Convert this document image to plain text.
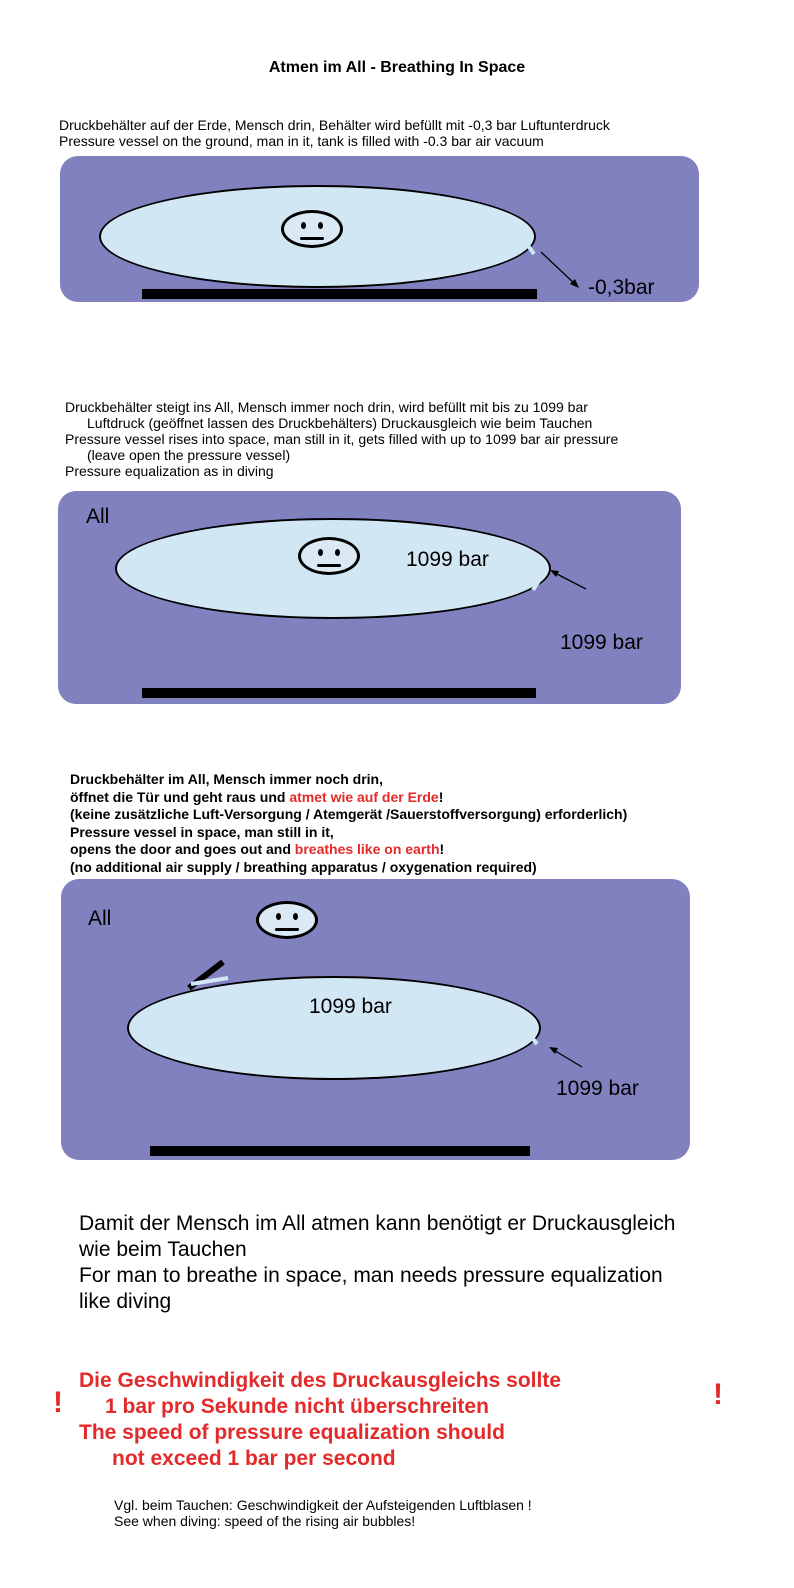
Atmen im All - Breathing In Space
Druckbehälter auf der Erde, Mensch drin, Behälter wird befüllt mit -0,3 bar Luftunterdruck
Pressure vessel on the ground, man in it, tank is filled with -0.3 bar air vacuum
-0,3bar
Druckbehälter steigt ins All, Mensch immer noch drin, wird befüllt mit bis zu 1099 bar
Luftdruck (geöffnet lassen des Druckbehälters) Druckausgleich wie beim Tauchen
Pressure vessel rises into space, man still in it, gets filled with up to 1099 bar air pressure
(leave open the pressure vessel)
Pressure equalization as in diving
All
1099 bar
1099 bar
Druckbehälter im All, Mensch immer noch drin,
öffnet die Tür und geht raus und atmet wie auf der Erde!
(keine zusätzliche Luft-Versorgung / Atemgerät /Sauerstoffversorgung) erforderlich)
Pressure vessel in space, man still in it,
opens the door and goes out and breathes like on earth!
(no additional air supply / breathing apparatus / oxygenation required)
All
1099 bar
1099 bar
Damit der Mensch im All atmen kann benötigt er Druckausgleich
wie beim Tauchen
For man to breathe in space, man needs pressure equalization
like diving
!	!
Die Geschwindigkeit des Druckausgleichs sollte
1 bar pro Sekunde nicht überschreiten
The speed of pressure equalization should
not exceed 1 bar per second
Vgl. beim Tauchen: Geschwindigkeit der Aufsteigenden Luftblasen !
See when diving: speed of the rising air bubbles!
